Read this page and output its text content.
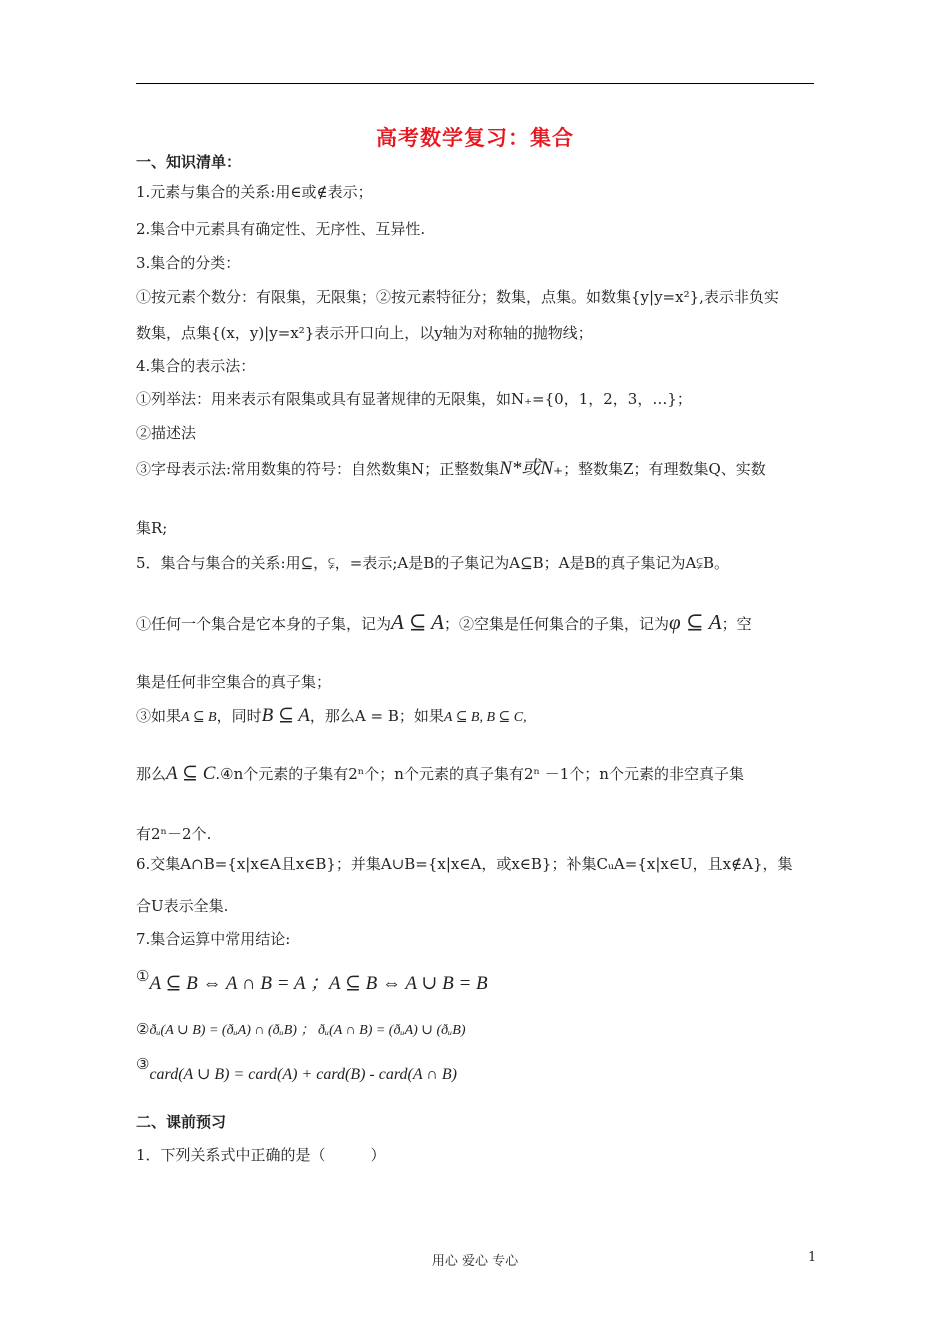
高考数学复习：集合
一、知识清单：
1.元素与集合的关系:用∈或∉表示；
2.集合中元素具有确定性、无序性、互异性.
3.集合的分类：
①按元素个数分：有限集，无限集；②按元素特征分；数集，点集。如数集{y|y=x²},表示非负实
数集，点集{(x，y)|y=x²}表示开口向上，以y轴为对称轴的抛物线；
4.集合的表示法：
①列举法：用来表示有限集或具有显著规律的无限集，如N₊={0，1，2，3，…}；
②描述法
③字母表示法:常用数集的符号：自然数集N；正整数集N*或N₊；整数集Z；有理数集Q、实数
集R;
5．集合与集合的关系:用⊆，⫋，=表示;A是B的子集记为A⊆B；A是B的真子集记为A⫋B。
①任何一个集合是它本身的子集，记为A ⊆ A；②空集是任何集合的子集，记为φ ⊆ A；空
集是任何非空集合的真子集；
③如果A ⊆ B，同时B ⊆ A，那么A = B；如果A ⊆ B, B ⊆ C,
那么A ⊆ C.④n个元素的子集有2ⁿ个；n个元素的真子集有2ⁿ －1个；n个元素的非空真子集
有2ⁿ－2个.
6.交集A∩B={x|x∈A且x∈B}；并集A∪B={x|x∈A，或x∈B}；补集CᵤA={x|x∈U，且x∉A}，集
合U表示全集.
7.集合运算中常用结论:
①A ⊆ B ⇔ A ∩ B = A ；A ⊆ B ⇔ A ∪ B = B
②ðᵤ(A ∪ B) = (ðᵤA) ∩ (ðᵤB) ； ðᵤ(A ∩ B) = (ðᵤA) ∪ (ðᵤB)
③card(A ∪ B) = card(A) + card(B) - card(A ∩ B)
二、课前预习
1．下列关系式中正确的是（　　　）
用心 爱心 专心	1
